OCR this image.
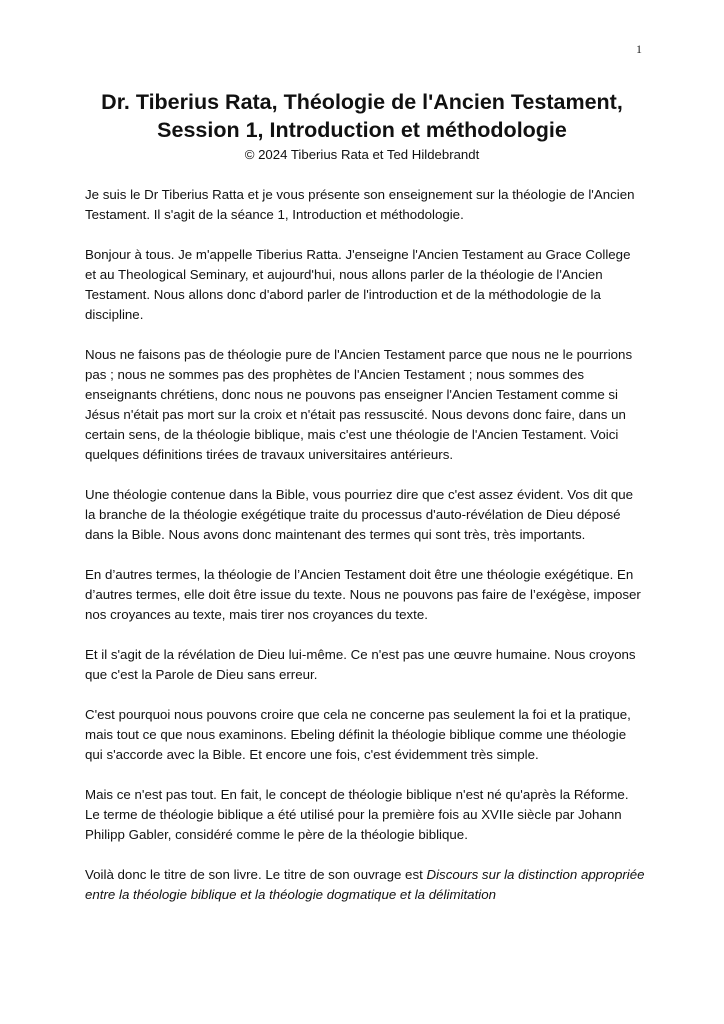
1
Dr. Tiberius Rata, Théologie de l'Ancien Testament,
Session 1, Introduction et méthodologie
© 2024 Tiberius Rata et Ted Hildebrandt

Je suis le Dr Tiberius Ratta et je vous présente son enseignement sur la théologie de l'Ancien Testament. Il s'agit de la séance 1, Introduction et méthodologie.

Bonjour à tous. Je m'appelle Tiberius Ratta. J'enseigne l'Ancien Testament au Grace College et au Theological Seminary, et aujourd'hui, nous allons parler de la théologie de l'Ancien Testament. Nous allons donc d'abord parler de l'introduction et de la méthodologie de la discipline.

Nous ne faisons pas de théologie pure de l'Ancien Testament parce que nous ne le pourrions pas ; nous ne sommes pas des prophètes de l'Ancien Testament ; nous sommes des enseignants chrétiens, donc nous ne pouvons pas enseigner l'Ancien Testament comme si Jésus n'était pas mort sur la croix et n'était pas ressuscité. Nous devons donc faire, dans un certain sens, de la théologie biblique, mais c'est une théologie de l'Ancien Testament. Voici quelques définitions tirées de travaux universitaires antérieurs.

Une théologie contenue dans la Bible, vous pourriez dire que c'est assez évident. Vos dit que la branche de la théologie exégétique traite du processus d'auto-révélation de Dieu déposé dans la Bible. Nous avons donc maintenant des termes qui sont très, très importants.

En d’autres termes, la théologie de l’Ancien Testament doit être une théologie exégétique. En d’autres termes, elle doit être issue du texte. Nous ne pouvons pas faire de l’exégèse, imposer nos croyances au texte, mais tirer nos croyances du texte.

Et il s'agit de la révélation de Dieu lui-même. Ce n'est pas une œuvre humaine. Nous croyons que c'est la Parole de Dieu sans erreur.

C'est pourquoi nous pouvons croire que cela ne concerne pas seulement la foi et la pratique, mais tout ce que nous examinons. Ebeling définit la théologie biblique comme une théologie qui s'accorde avec la Bible. Et encore une fois, c'est évidemment très simple.

Mais ce n'est pas tout. En fait, le concept de théologie biblique n'est né qu'après la Réforme. Le terme de théologie biblique a été utilisé pour la première fois au XVIIe siècle par Johann Philipp Gabler, considéré comme le père de la théologie biblique.

Voilà donc le titre de son livre. Le titre de son ouvrage est Discours sur la distinction appropriée entre la théologie biblique et la théologie dogmatique et la délimitation
